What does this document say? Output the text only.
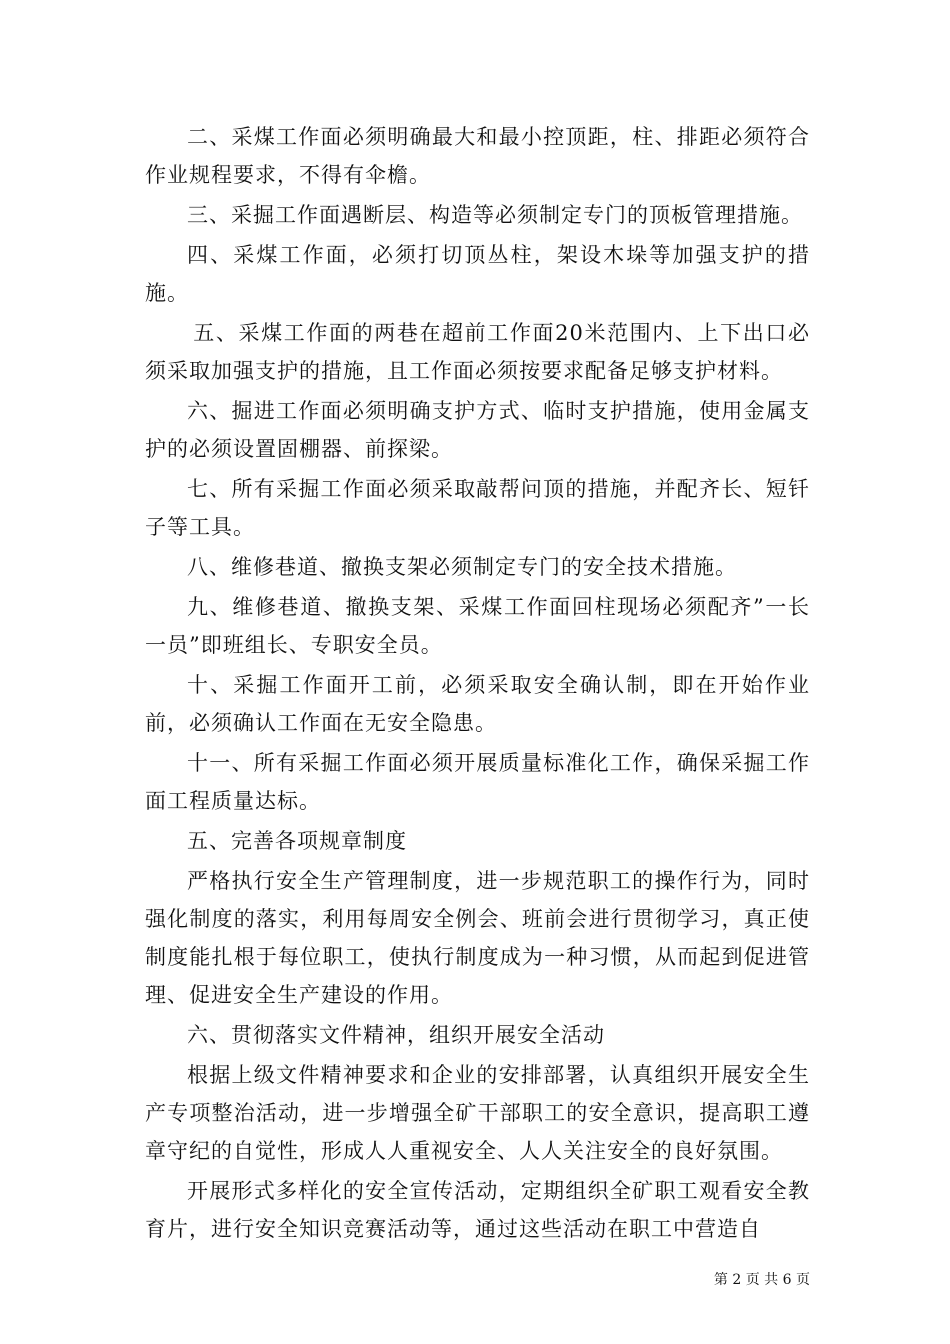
二、采煤工作面必须明确最大和最小控顶距，柱、排距必须符合作业规程要求，不得有伞檐。

三、采掘工作面遇断层、构造等必须制定专门的顶板管理措施。

四、采煤工作面，必须打切顶丛柱，架设木垛等加强支护的措施。

五、采煤工作面的两巷在超前工作面20米范围内、上下出口必须采取加强支护的措施，且工作面必须按要求配备足够支护材料。

六、掘进工作面必须明确支护方式、临时支护措施，使用金属支护的必须设置固棚器、前探梁。

七、所有采掘工作面必须采取敲帮问顶的措施，并配齐长、短钎子等工具。

八、维修巷道、撤换支架必须制定专门的安全技术措施。

九、维修巷道、撤换支架、采煤工作面回柱现场必须配齐”一长一员”即班组长、专职安全员。

十、采掘工作面开工前，必须采取安全确认制，即在开始作业前，必须确认工作面在无安全隐患。

十一、所有采掘工作面必须开展质量标准化工作，确保采掘工作面工程质量达标。

五、完善各项规章制度

严格执行安全生产管理制度，进一步规范职工的操作行为，同时强化制度的落实，利用每周安全例会、班前会进行贯彻学习，真正使制度能扎根于每位职工，使执行制度成为一种习惯，从而起到促进管理、促进安全生产建设的作用。

六、贯彻落实文件精神，组织开展安全活动

根据上级文件精神要求和企业的安排部署，认真组织开展安全生产专项整治活动，进一步增强全矿干部职工的安全意识，提高职工遵章守纪的自觉性，形成人人重视安全、人人关注安全的良好氛围。

开展形式多样化的安全宣传活动，定期组织全矿职工观看安全教育片，进行安全知识竞赛活动等，通过这些活动在职工中营造自

第 2 页 共 6 页
